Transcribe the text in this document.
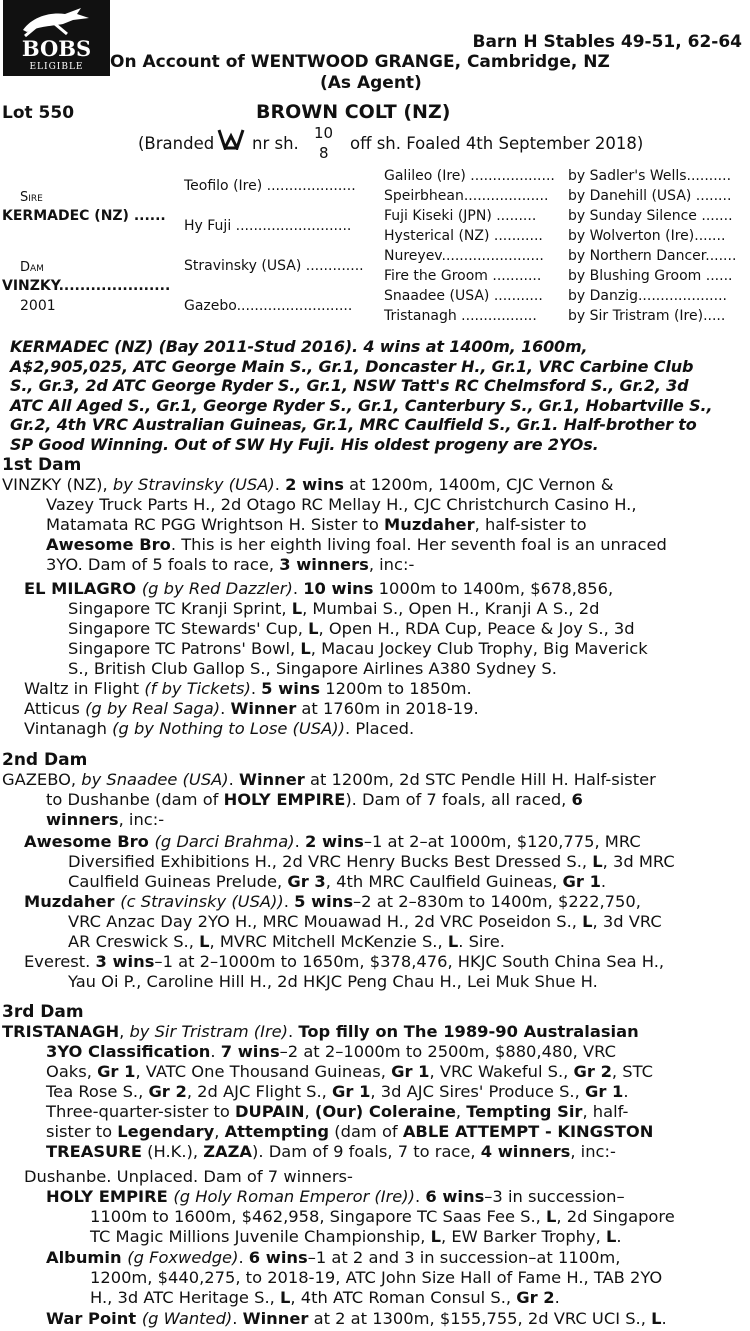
BOBS
ELIGIBLE
Barn H Stables 49-51, 62-64
On Account of WENTWOOD GRANGE, Cambridge, NZ
(As Agent)
Lot 550	BROWN COLT (NZ)
(Branded nr sh.
10
8 off sh. Foaled 4th September 2018)
Sire
KERMADEC (NZ) ......
Dam
VINZKY.....................
2001
Teofilo (Ire) ....................
Hy Fuji ..........................
Stravinsky (USA) .............
Gazebo..........................
Galileo (Ire) ...................
Speirbhean...................
Fuji Kiseki (JPN) .........
Hysterical (NZ) ...........
Nureyev.......................
Fire the Groom ...........
Snaadee (USA) ...........
Tristanagh .................
by Sadler's Wells..........
by Danehill (USA) ........
by Sunday Silence .......
by Wolverton (Ire).......
by Northern Dancer.......
by Blushing Groom ......
by Danzig....................
by Sir Tristram (Ire).....
KERMADEC (NZ) (Bay 2011-Stud 2016). 4 wins at 1400m, 1600m,
A$2,905,025, ATC George Main S., Gr.1, Doncaster H., Gr.1, VRC Carbine Club
S., Gr.3, 2d ATC George Ryder S., Gr.1, NSW Tatt's RC Chelmsford S., Gr.2, 3d
ATC All Aged S., Gr.1, George Ryder S., Gr.1, Canterbury S., Gr.1, Hobartville S.,
Gr.2, 4th VRC Australian Guineas, Gr.1, MRC Caulfield S., Gr.1. Half-brother to
SP Good Winning. Out of SW Hy Fuji. His oldest progeny are 2YOs.
1st Dam
VINZKY (NZ), by Stravinsky (USA). 2 wins at 1200m, 1400m, CJC Vernon &
Vazey Truck Parts H., 2d Otago RC Mellay H., CJC Christchurch Casino H.,
Matamata RC PGG Wrightson H. Sister to Muzdaher, half-sister to
Awesome Bro. This is her eighth living foal. Her seventh foal is an unraced
3YO. Dam of 5 foals to race, 3 winners, inc:-
EL MILAGRO (g by Red Dazzler). 10 wins 1000m to 1400m, $678,856,
Singapore TC Kranji Sprint, L, Mumbai S., Open H., Kranji A S., 2d
Singapore TC Stewards' Cup, L, Open H., RDA Cup, Peace & Joy S., 3d
Singapore TC Patrons' Bowl, L, Macau Jockey Club Trophy, Big Maverick
S., British Club Gallop S., Singapore Airlines A380 Sydney S.
Waltz in Flight (f by Tickets). 5 wins 1200m to 1850m.
Atticus (g by Real Saga). Winner at 1760m in 2018-19.
Vintanagh (g by Nothing to Lose (USA)). Placed.
2nd Dam
GAZEBO, by Snaadee (USA). Winner at 1200m, 2d STC Pendle Hill H. Half-sister
to Dushanbe (dam of HOLY EMPIRE). Dam of 7 foals, all raced, 6
winners, inc:-
Awesome Bro (g Darci Brahma). 2 wins–1 at 2–at 1000m, $120,775, MRC
Diversified Exhibitions H., 2d VRC Henry Bucks Best Dressed S., L, 3d MRC
Caulfield Guineas Prelude, Gr 3, 4th MRC Caulfield Guineas, Gr 1.
Muzdaher (c Stravinsky (USA)). 5 wins–2 at 2–830m to 1400m, $222,750,
VRC Anzac Day 2YO H., MRC Mouawad H., 2d VRC Poseidon S., L, 3d VRC
AR Creswick S., L, MVRC Mitchell McKenzie S., L. Sire.
Everest. 3 wins–1 at 2–1000m to 1650m, $378,476, HKJC South China Sea H.,
Yau Oi P., Caroline Hill H., 2d HKJC Peng Chau H., Lei Muk Shue H.
3rd Dam
TRISTANAGH, by Sir Tristram (Ire). Top filly on The 1989-90 Australasian
3YO Classification. 7 wins–2 at 2–1000m to 2500m, $880,480, VRC
Oaks, Gr 1, VATC One Thousand Guineas, Gr 1, VRC Wakeful S., Gr 2, STC
Tea Rose S., Gr 2, 2d AJC Flight S., Gr 1, 3d AJC Sires' Produce S., Gr 1.
Three-quarter-sister to DUPAIN, (Our) Coleraine, Tempting Sir, half-
sister to Legendary, Attempting (dam of ABLE ATTEMPT - KINGSTON
TREASURE (H.K.), ZAZA). Dam of 9 foals, 7 to race, 4 winners, inc:-
Dushanbe. Unplaced. Dam of 7 winners-
HOLY EMPIRE (g Holy Roman Emperor (Ire)). 6 wins–3 in succession–
1100m to 1600m, $462,958, Singapore TC Saas Fee S., L, 2d Singapore
TC Magic Millions Juvenile Championship, L, EW Barker Trophy, L.
Albumin (g Foxwedge). 6 wins–1 at 2 and 3 in succession–at 1100m,
1200m, $440,275, to 2018-19, ATC John Size Hall of Fame H., TAB 2YO
H., 3d ATC Heritage S., L, 4th ATC Roman Consul S., Gr 2.
War Point (g Wanted). Winner at 2 at 1300m, $155,755, 2d VRC UCI S., L.
